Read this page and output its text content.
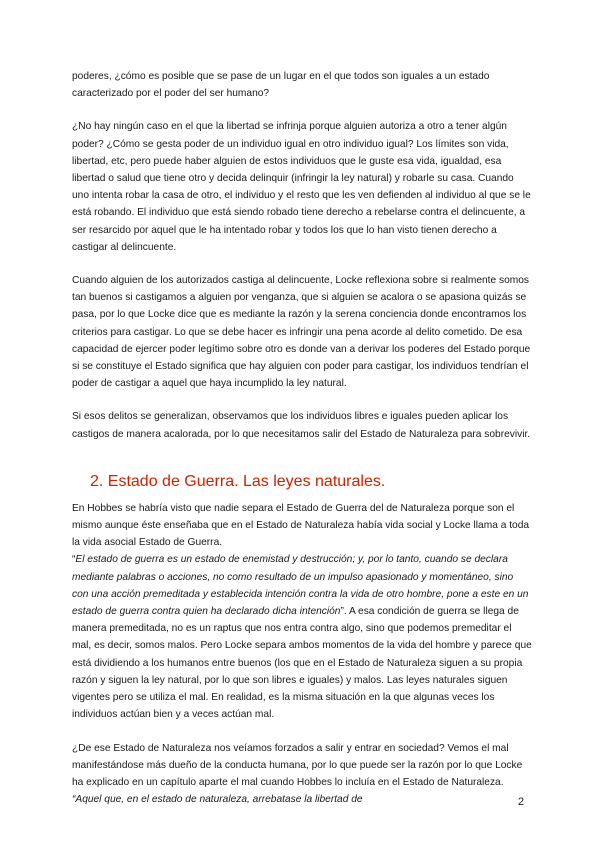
poderes, ¿cómo es posible que se pase de un lugar en el que todos son iguales a un estado caracterizado por el poder del ser humano?

¿No hay ningún caso en el que la libertad se infrinja porque alguien autoriza a otro a tener algún poder? ¿Cómo se gesta poder de un individuo igual en otro individuo igual? Los límites son vida, libertad, etc, pero puede haber alguien de estos individuos que le guste esa vida, igualdad, esa libertad o salud que tiene otro y decida delinquir (infringir la ley natural) y robarle su casa. Cuando uno intenta robar la casa de otro, el individuo y el resto que les ven defienden al individuo al que se le está robando. El individuo que está siendo robado tiene derecho a rebelarse contra el delincuente, a ser resarcido por aquel que le ha intentado robar y todos los que lo han visto tienen derecho a castigar al delincuente.

Cuando alguien de los autorizados castiga al delincuente, Locke reflexiona sobre si realmente somos tan buenos si castigamos a alguien por venganza, que si alguien se acalora o se apasiona quizás se pasa, por lo que Locke dice que es mediante la razón y la serena conciencia donde encontramos los criterios para castigar. Lo que se debe hacer es infringir una pena acorde al delito cometido. De esa capacidad de ejercer poder legítimo sobre otro es donde van a derivar los poderes del Estado porque si se constituye el Estado significa que hay alguien con poder para castigar, los individuos tendrían el poder de castigar a aquel que haya incumplido la ley natural.

Si esos delitos se generalizan, observamos que los individuos libres e iguales pueden aplicar los castigos de manera acalorada, por lo que necesitamos salir del Estado de Naturaleza para sobrevivir.

2. Estado de Guerra. Las leyes naturales.

En Hobbes se habría visto que nadie separa el Estado de Guerra del de Naturaleza porque son el mismo aunque éste enseñaba que en el Estado de Naturaleza había vida social y Locke llama a toda la vida asocial Estado de Guerra.
“El estado de guerra es un estado de enemistad y destrucción; y, por lo tanto, cuando se declara mediante palabras o acciones, no como resultado de un impulso apasionado y momentáneo, sino con una acción premeditada y establecida intención contra la vida de otro hombre, pone a este en un estado de guerra contra quien ha declarado dicha intención”. A esa condición de guerra se llega de manera premeditada, no es un raptus que nos entra contra algo, sino que podemos premeditar el mal, es decir, somos malos. Pero Locke separa ambos momentos de la vida del hombre y parece que está dividiendo a los humanos entre buenos (los que en el Estado de Naturaleza siguen a su propia razón y siguen la ley natural, por lo que son libres e iguales) y malos. Las leyes naturales siguen vigentes pero se utiliza el mal. En realidad, es la misma situación en la que algunas veces los individuos actúan bien y a veces actúan mal.

¿De ese Estado de Naturaleza nos veíamos forzados a salir y entrar en sociedad? Vemos el mal manifestándose más dueño de la conducta humana, por lo que puede ser la razón por lo que Locke ha explicado en un capítulo aparte el mal cuando Hobbes lo incluía en el Estado de Naturaleza. “Aquel que, en el estado de naturaleza, arrebatase la libertad de	2
